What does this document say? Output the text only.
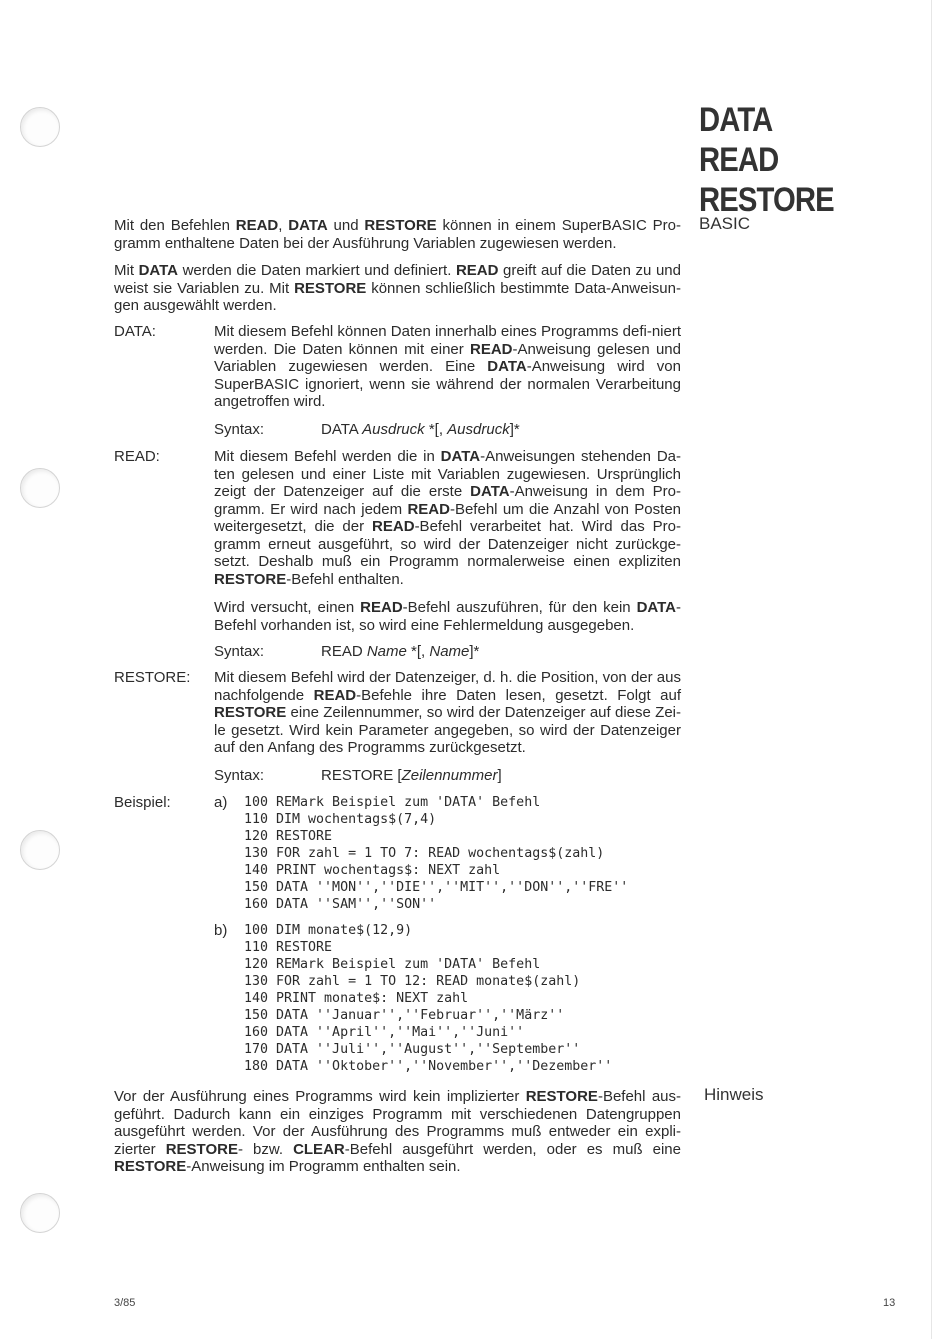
DATA
READ
RESTORE
BASIC

Mit den Befehlen READ, DATA und RESTORE können in einem SuperBASIC Pro-gramm enthaltene Daten bei der Ausführung Variablen zugewiesen werden.

Mit DATA werden die Daten markiert und definiert. READ greift auf die Daten zu und weist sie Variablen zu. Mit RESTORE können schließlich bestimmte Data-Anweisun-gen ausgewählt werden.

DATA:	Mit diesem Befehl können Daten innerhalb eines Programms defi-niert werden. Die Daten können mit einer READ-Anweisung gelesen und Variablen zugewiesen werden. Eine DATA-Anweisung wird von SuperBASIC ignoriert, wenn sie während der normalen Verarbeitung angetroffen wird.
Syntax:	DATA Ausdruck *[, Ausdruck]*
READ:	Mit diesem Befehl werden die in DATA-Anweisungen stehenden Da-ten gelesen und einer Liste mit Variablen zugewiesen. Ursprünglich zeigt der Datenzeiger auf die erste DATA-Anweisung in dem Pro-gramm. Er wird nach jedem READ-Befehl um die Anzahl von Posten weitergesetzt, die der READ-Befehl verarbeitet hat. Wird das Pro-gramm erneut ausgeführt, so wird der Datenzeiger nicht zurückge-setzt. Deshalb muß ein Programm normalerweise einen expliziten RESTORE-Befehl enthalten.
Wird versucht, einen READ-Befehl auszuführen, für den kein DATA-Befehl vorhanden ist, so wird eine Fehlermeldung ausgegeben.
Syntax:	READ Name *[, Name]*
RESTORE: Mit diesem Befehl wird der Datenzeiger, d. h. die Position, von der aus nachfolgende READ-Befehle ihre Daten lesen, gesetzt. Folgt auf RESTORE eine Zeilennummer, so wird der Datenzeiger auf diese Zei-le gesetzt. Wird kein Parameter angegeben, so wird der Datenzeiger auf den Anfang des Programms zurückgesetzt.
Syntax:	RESTORE [Zeilennummer]
Beispiel:	a) 100 REMark Beispiel zum 'DATA' Befehl
110 DIM wochentags$(7,4)
120 RESTORE
130 FOR zahl = 1 TO 7: READ wochentags$(zahl)
140 PRINT wochentags$: NEXT zahl
150 DATA ''MON'',''DIE'',''MIT'',''DON'',''FRE''
160 DATA ''SAM'',''SON''
b) 100 DIM monate$(12,9)
110 RESTORE
120 REMark Beispiel zum 'DATA' Befehl
130 FOR zahl = 1 TO 12: READ monate$(zahl)
140 PRINT monate$: NEXT zahl
150 DATA ''Januar'',''Februar'',''März''
160 DATA ''April'',''Mai'',''Juni''
170 DATA ''Juli'',''August'',''September''
180 DATA ''Oktober'',''November'',''Dezember''
Hinweis

Vor der Ausführung eines Programms wird kein implizierter RESTORE-Befehl aus-geführt. Dadurch kann ein einziges Programm mit verschiedenen Datengruppen ausgeführt werden. Vor der Ausführung des Programms muß entweder ein expli-zierter RESTORE- bzw. CLEAR-Befehl ausgeführt werden, oder es muß eine RESTORE-Anweisung im Programm enthalten sein.

3/85	13
